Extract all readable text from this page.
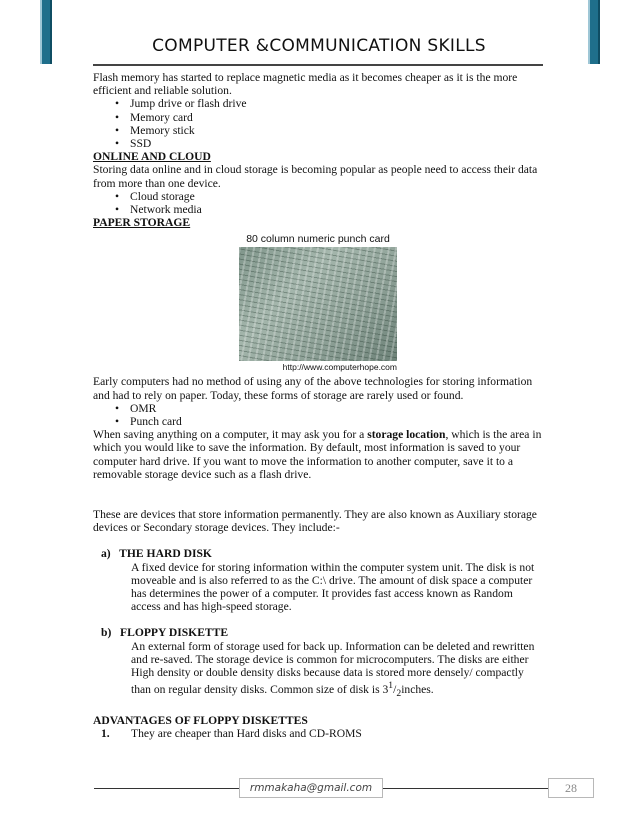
COMPUTER &COMMUNICATION SKILLS

Flash memory has started to replace magnetic media as it becomes cheaper as it is the more efficient and reliable solution.

• Jump drive or flash drive
• Memory card
• Memory stick
• SSD
ONLINE AND CLOUD

Storing data online and in cloud storage is becoming popular as people need to access their data from more than one device.

• Cloud storage
• Network media
PAPER STORAGE
80 column numeric punch card
http://www.computerhope.com

Early computers had no method of using any of the above technologies for storing information and had to rely on paper. Today, these forms of storage are rarely used or found.

• OMR
• Punch card

When saving anything on a computer, it may ask you for a storage location, which is the area in which you would like to save the information. By default, most information is saved to your computer hard drive. If you want to move the information to another computer, save it to a removable storage device such as a flash drive.

These are devices that store information permanently. They are also known as Auxiliary storage devices or Secondary storage devices. They include:-

a) THE HARD DISK
A fixed device for storing information within the computer system unit. The disk is not moveable and is also referred to as the C:\ drive. The amount of disk space a computer has determines the power of a computer. It provides fast access known as Random access and has high-speed storage.
b) FLOPPY DISKETTE
An external form of storage used for back up. Information can be deleted and rewritten and re-saved. The storage device is common for microcomputers. The disks are either High density or double density disks because data is stored more densely/ compactly than on regular density disks. Common size of disk is $3^1/_2inches$.
ADVANTAGES OF FLOPPY DISKETTES
1. They are cheaper than Hard disks and CD-ROMS
rmmakaha@gmail.com	28
